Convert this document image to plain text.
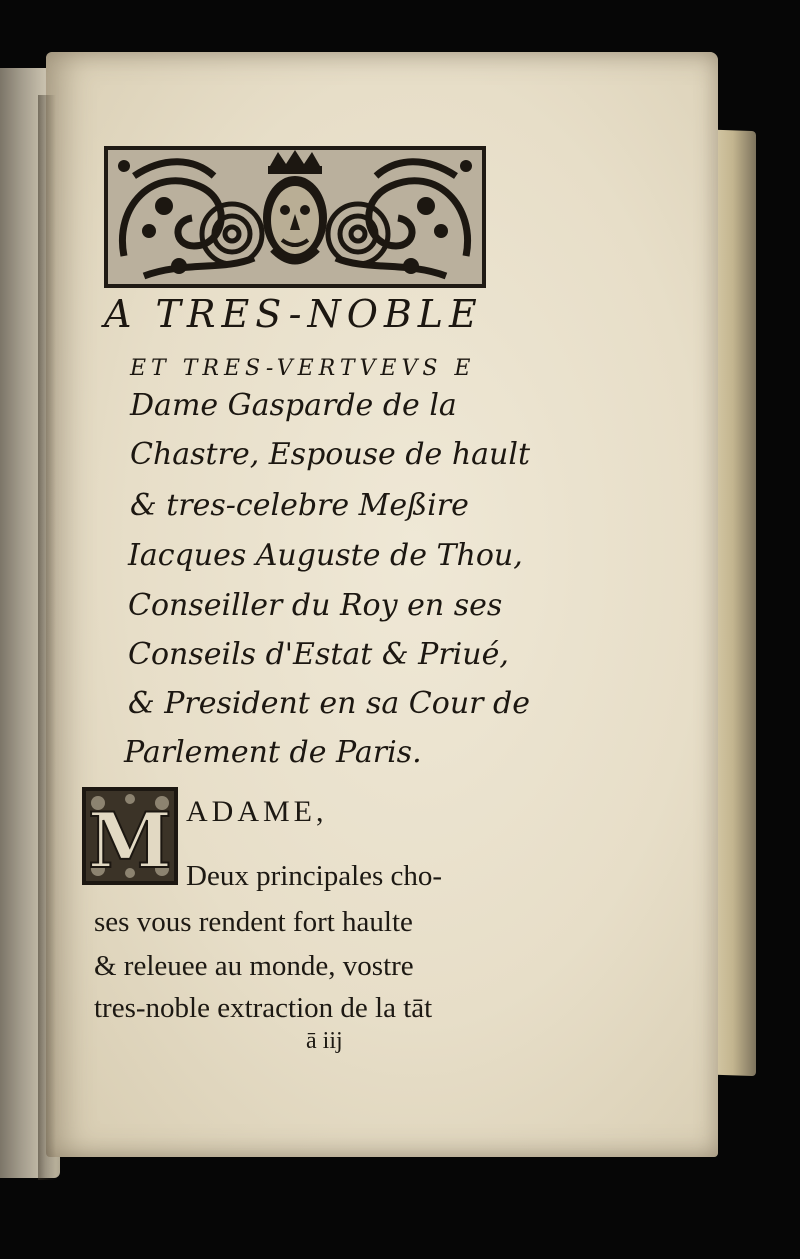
A TRES-NOBLE

ET TRES-VERTVEVS E

Dame Gasparde de la

Chastre, Espouse de hault

& tres-celebre Meßire

Iacques Auguste de Thou,

Conseiller du Roy en ses

Conseils d'Estat & Priué,

& President en sa Cour de

Parlement de Paris.

M ADAME,

Deux principales cho-

ses vous rendent fort haulte

& releuee au monde, vostre

tres-noble extraction de la tāt

ā iij
